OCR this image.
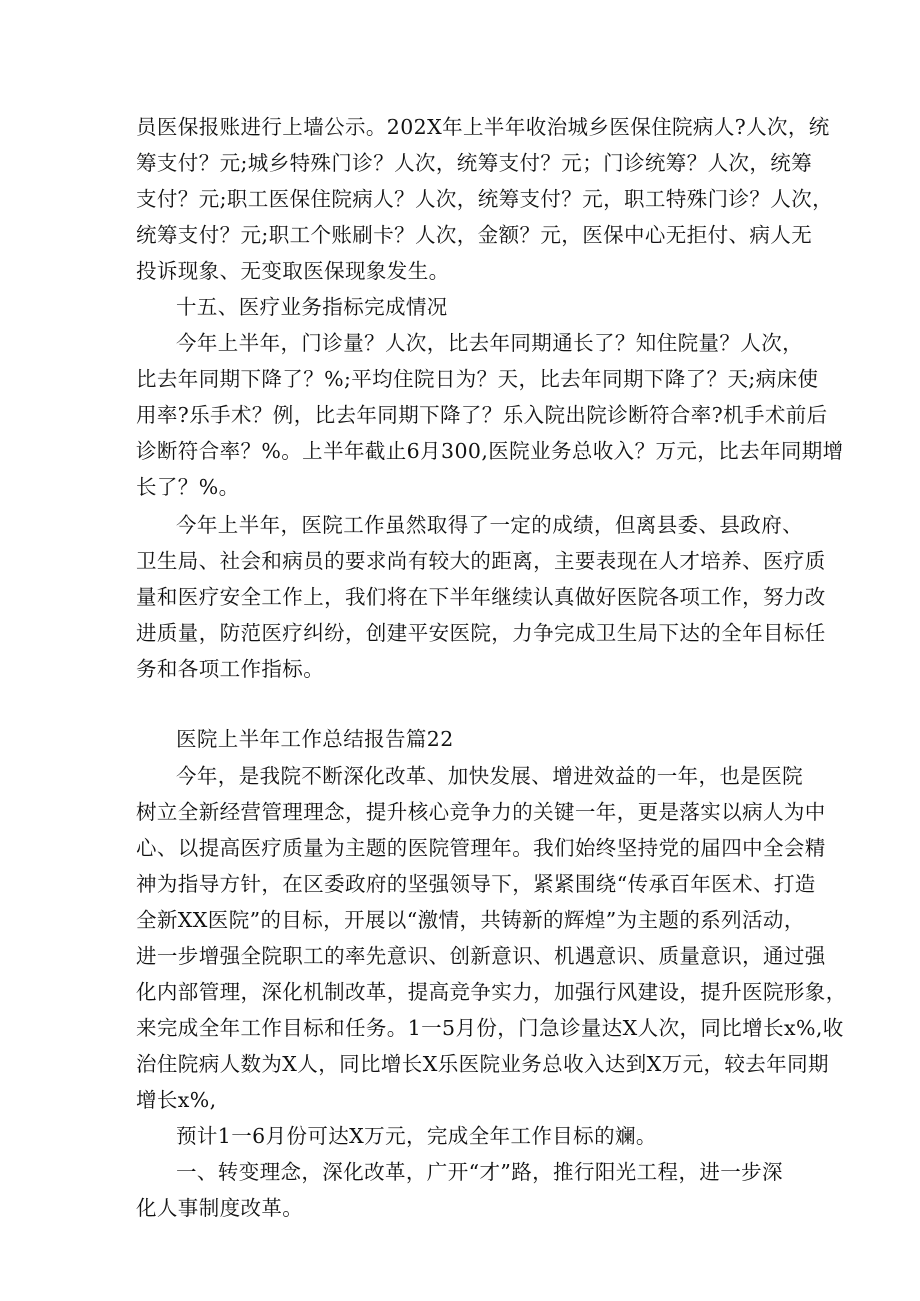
员医保报账进行上墙公示。202X年上半年收治城乡医保住院病人?人次，统
筹支付？元;城乡特殊门诊？人次，统筹支付？元；门诊统筹？人次，统筹
支付？元;职工医保住院病人？人次，统筹支付？元，职工特殊门诊？人次，
统筹支付？元;职工个账刷卡？人次，金额？元，医保中心无拒付、病人无
投诉现象、无变取医保现象发生。
十五、医疗业务指标完成情况
今年上半年，门诊量？人次，比去年同期通长了？知住院量？人次，
比去年同期下降了？%;平均住院日为？天，比去年同期下降了？天;病床使
用率?乐手术？例，比去年同期下降了？乐入院出院诊断符合率?机手术前后
诊断符合率？%。上半年截止6月300,医院业务总收入？万元，比去年同期增
长了？%。
今年上半年，医院工作虽然取得了一定的成绩，但离县委、县政府、
卫生局、社会和病员的要求尚有较大的距离，主要表现在人才培养、医疗质
量和医疗安全工作上，我们将在下半年继续认真做好医院各项工作，努力改
进质量，防范医疗纠纷，创建平安医院，力争完成卫生局下达的全年目标任
务和各项工作指标。
医院上半年工作总结报告篇22
今年，是我院不断深化改革、加快发展、增进效益的一年，也是医院
树立全新经营管理理念，提升核心竞争力的关键一年，更是落实以病人为中
心、以提高医疗质量为主题的医院管理年。我们始终坚持党的届四中全会精
神为指导方针，在区委政府的坚强领导下，紧紧围绕“传承百年医术、打造
全新XX医院”的目标，开展以“激情，共铸新的辉煌”为主题的系列活动，
进一步增强全院职工的率先意识、创新意识、机遇意识、质量意识，通过强
化内部管理，深化机制改革，提高竞争实力，加强行风建设，提升医院形象，
来完成全年工作目标和任务。1一5月份，门急诊量达X人次，同比增长x%,收
治住院病人数为X人，同比增长X乐医院业务总收入达到X万元，较去年同期
增长x%,
预计1一6月份可达X万元，完成全年工作目标的斓。
一、转变理念，深化改革，广开“才”路，推行阳光工程，进一步深
化人事制度改革。
